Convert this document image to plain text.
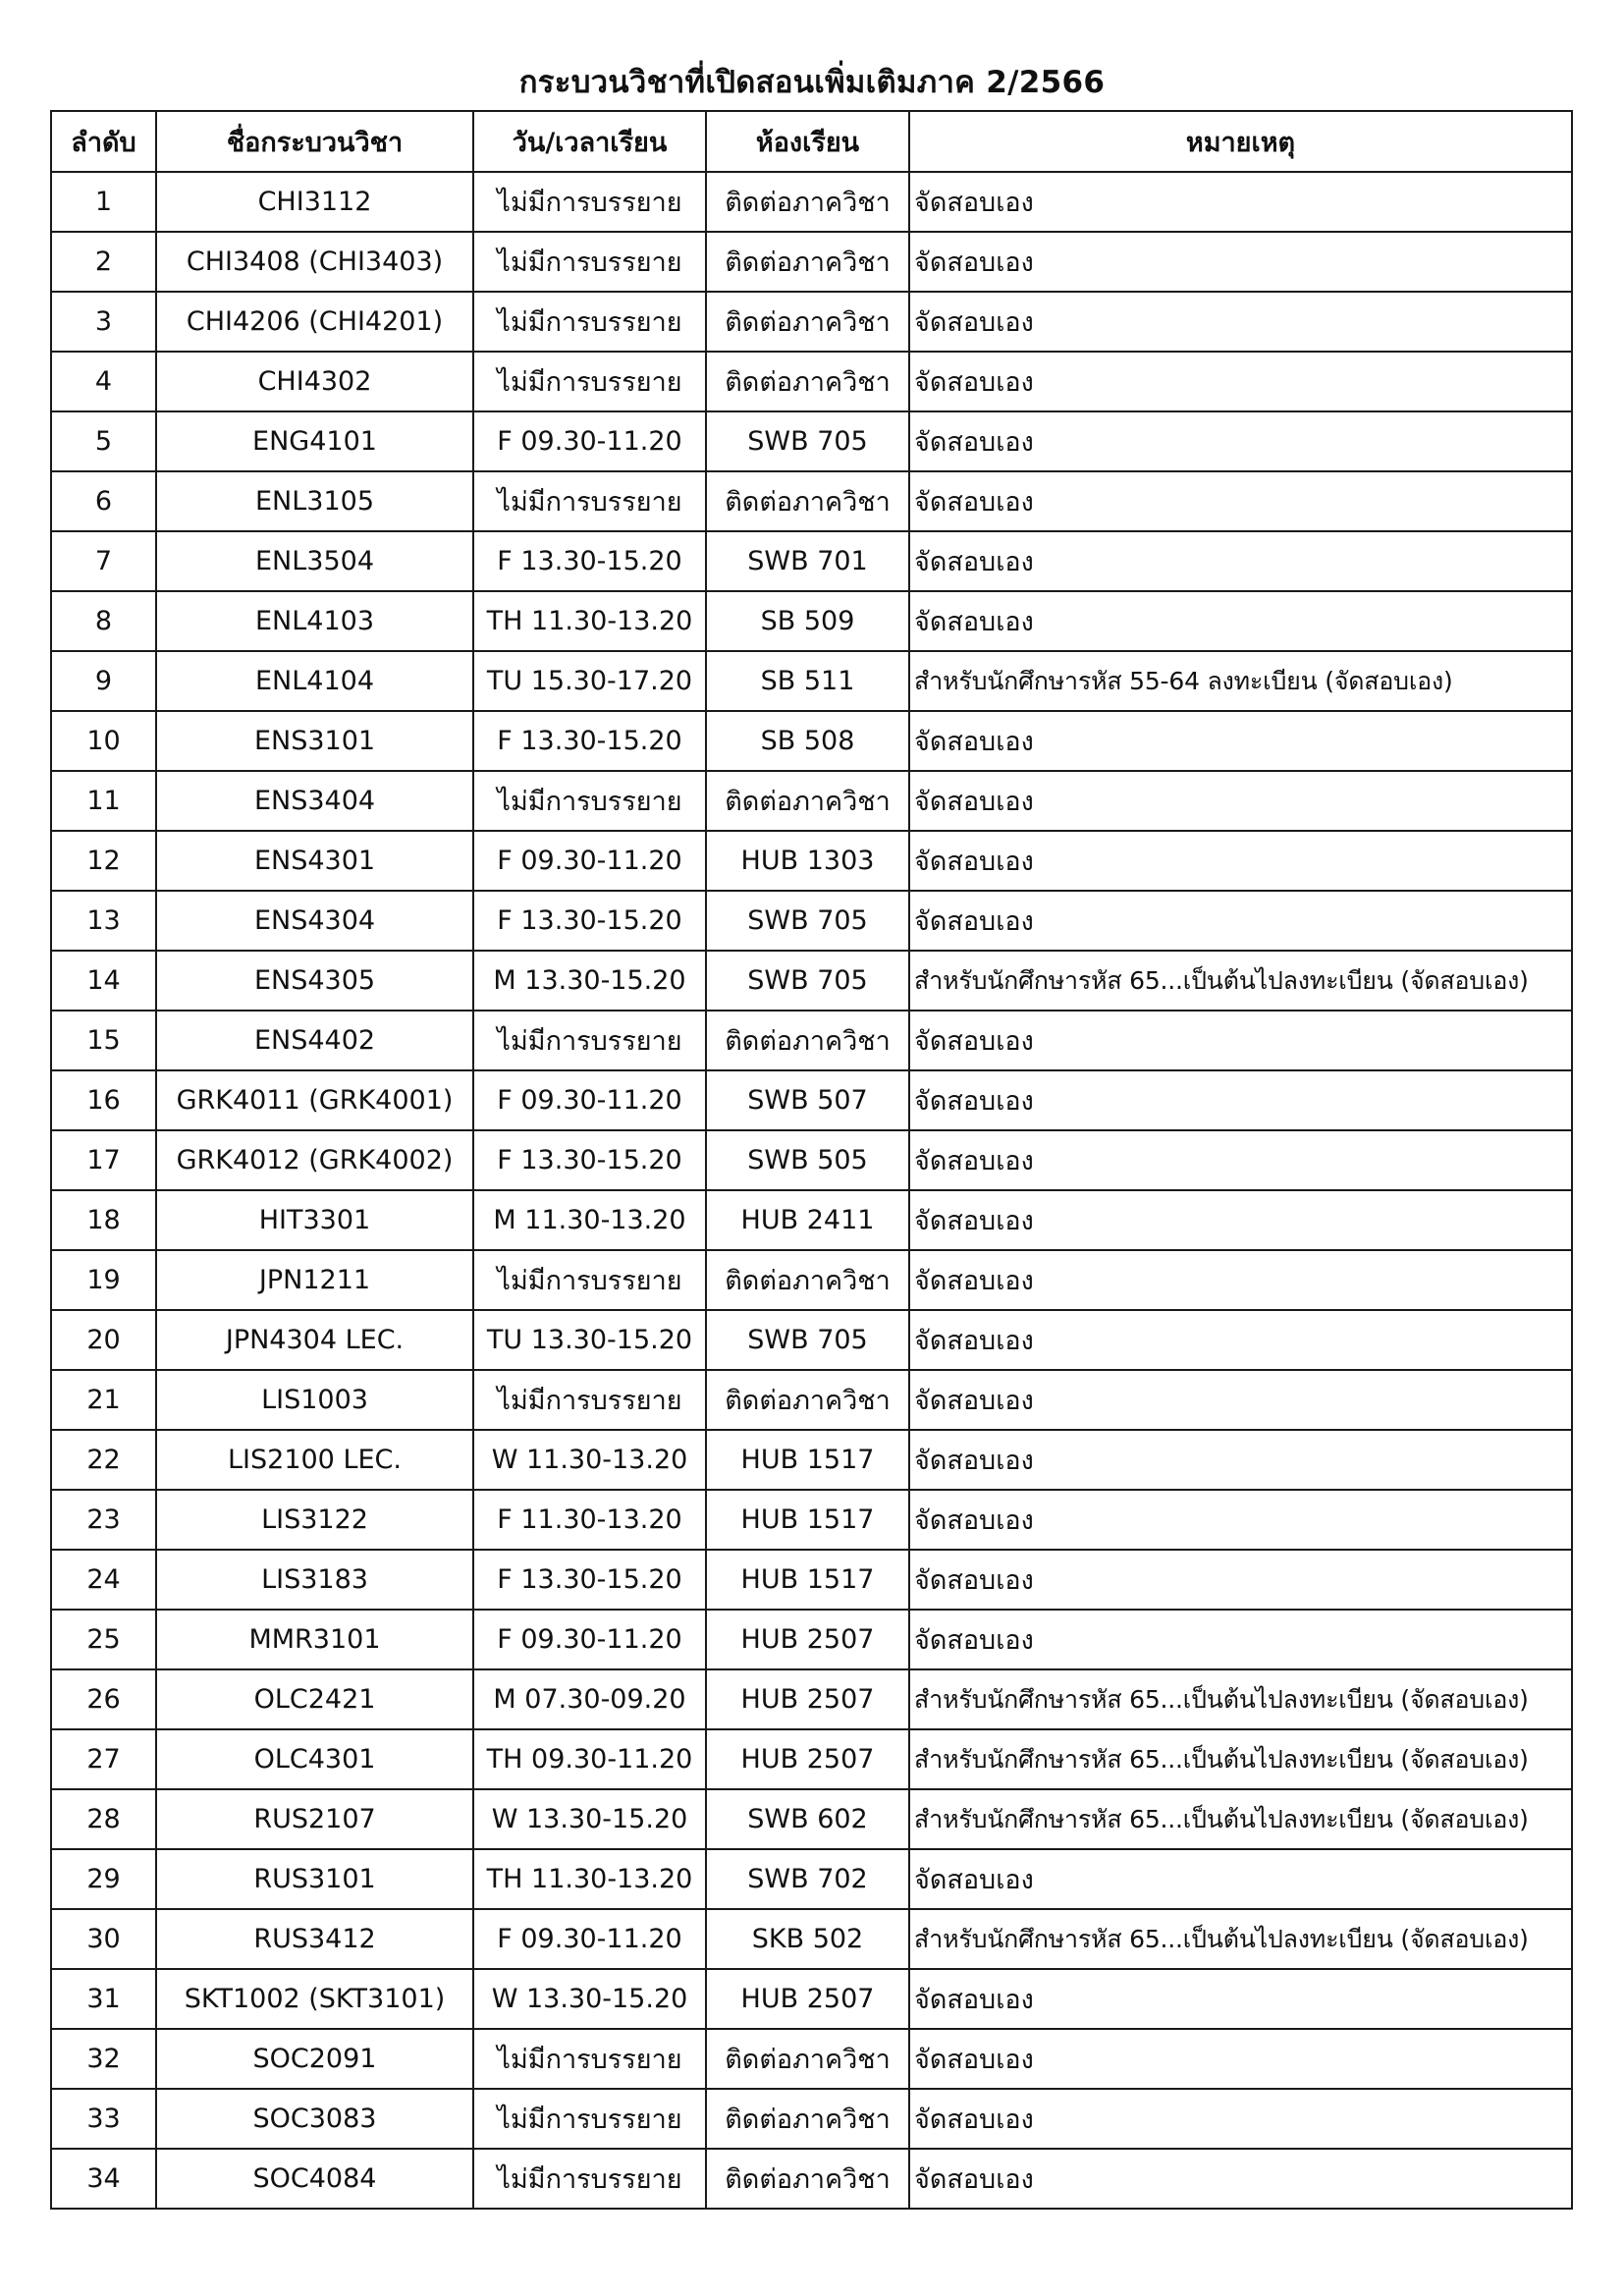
กระบวนวิชาที่เปิดสอนเพิ่มเติมภาค 2/2566
ลำดับ	ชื่อกระบวนวิชา	วัน/เวลาเรียน	ห้องเรียน	หมายเหตุ
1	CHI3112	ไม่มีการบรรยาย	ติดต่อภาควิชา	จัดสอบเอง
2	CHI3408 (CHI3403)	ไม่มีการบรรยาย	ติดต่อภาควิชา	จัดสอบเอง
3	CHI4206 (CHI4201)	ไม่มีการบรรยาย	ติดต่อภาควิชา	จัดสอบเอง
4	CHI4302	ไม่มีการบรรยาย	ติดต่อภาควิชา	จัดสอบเอง
5	ENG4101	F 09.30-11.20	SWB 705	จัดสอบเอง
6	ENL3105	ไม่มีการบรรยาย	ติดต่อภาควิชา	จัดสอบเอง
7	ENL3504	F 13.30-15.20	SWB 701	จัดสอบเอง
8	ENL4103	TH 11.30-13.20	SB 509	จัดสอบเอง
9	ENL4104	TU 15.30-17.20	SB 511	สำหรับนักศึกษารหัส 55-64 ลงทะเบียน (จัดสอบเอง)
10	ENS3101	F 13.30-15.20	SB 508	จัดสอบเอง
11	ENS3404	ไม่มีการบรรยาย	ติดต่อภาควิชา	จัดสอบเอง
12	ENS4301	F 09.30-11.20	HUB 1303	จัดสอบเอง
13	ENS4304	F 13.30-15.20	SWB 705	จัดสอบเอง
14	ENS4305	M 13.30-15.20	SWB 705	สำหรับนักศึกษารหัส 65...เป็นต้นไปลงทะเบียน (จัดสอบเอง)
15	ENS4402	ไม่มีการบรรยาย	ติดต่อภาควิชา	จัดสอบเอง
16	GRK4011 (GRK4001)	F 09.30-11.20	SWB 507	จัดสอบเอง
17	GRK4012 (GRK4002)	F 13.30-15.20	SWB 505	จัดสอบเอง
18	HIT3301	M 11.30-13.20	HUB 2411	จัดสอบเอง
19	JPN1211	ไม่มีการบรรยาย	ติดต่อภาควิชา	จัดสอบเอง
20	JPN4304 LEC.	TU 13.30-15.20	SWB 705	จัดสอบเอง
21	LIS1003	ไม่มีการบรรยาย	ติดต่อภาควิชา	จัดสอบเอง
22	LIS2100 LEC.	W 11.30-13.20	HUB 1517	จัดสอบเอง
23	LIS3122	F 11.30-13.20	HUB 1517	จัดสอบเอง
24	LIS3183	F 13.30-15.20	HUB 1517	จัดสอบเอง
25	MMR3101	F 09.30-11.20	HUB 2507	จัดสอบเอง
26	OLC2421	M 07.30-09.20	HUB 2507	สำหรับนักศึกษารหัส 65...เป็นต้นไปลงทะเบียน (จัดสอบเอง)
27	OLC4301	TH 09.30-11.20	HUB 2507	สำหรับนักศึกษารหัส 65...เป็นต้นไปลงทะเบียน (จัดสอบเอง)
28	RUS2107	W 13.30-15.20	SWB 602	สำหรับนักศึกษารหัส 65...เป็นต้นไปลงทะเบียน (จัดสอบเอง)
29	RUS3101	TH 11.30-13.20	SWB 702	จัดสอบเอง
30	RUS3412	F 09.30-11.20	SKB 502	สำหรับนักศึกษารหัส 65...เป็นต้นไปลงทะเบียน (จัดสอบเอง)
31	SKT1002 (SKT3101)	W 13.30-15.20	HUB 2507	จัดสอบเอง
32	SOC2091	ไม่มีการบรรยาย	ติดต่อภาควิชา	จัดสอบเอง
33	SOC3083	ไม่มีการบรรยาย	ติดต่อภาควิชา	จัดสอบเอง
34	SOC4084	ไม่มีการบรรยาย	ติดต่อภาควิชา	จัดสอบเอง
